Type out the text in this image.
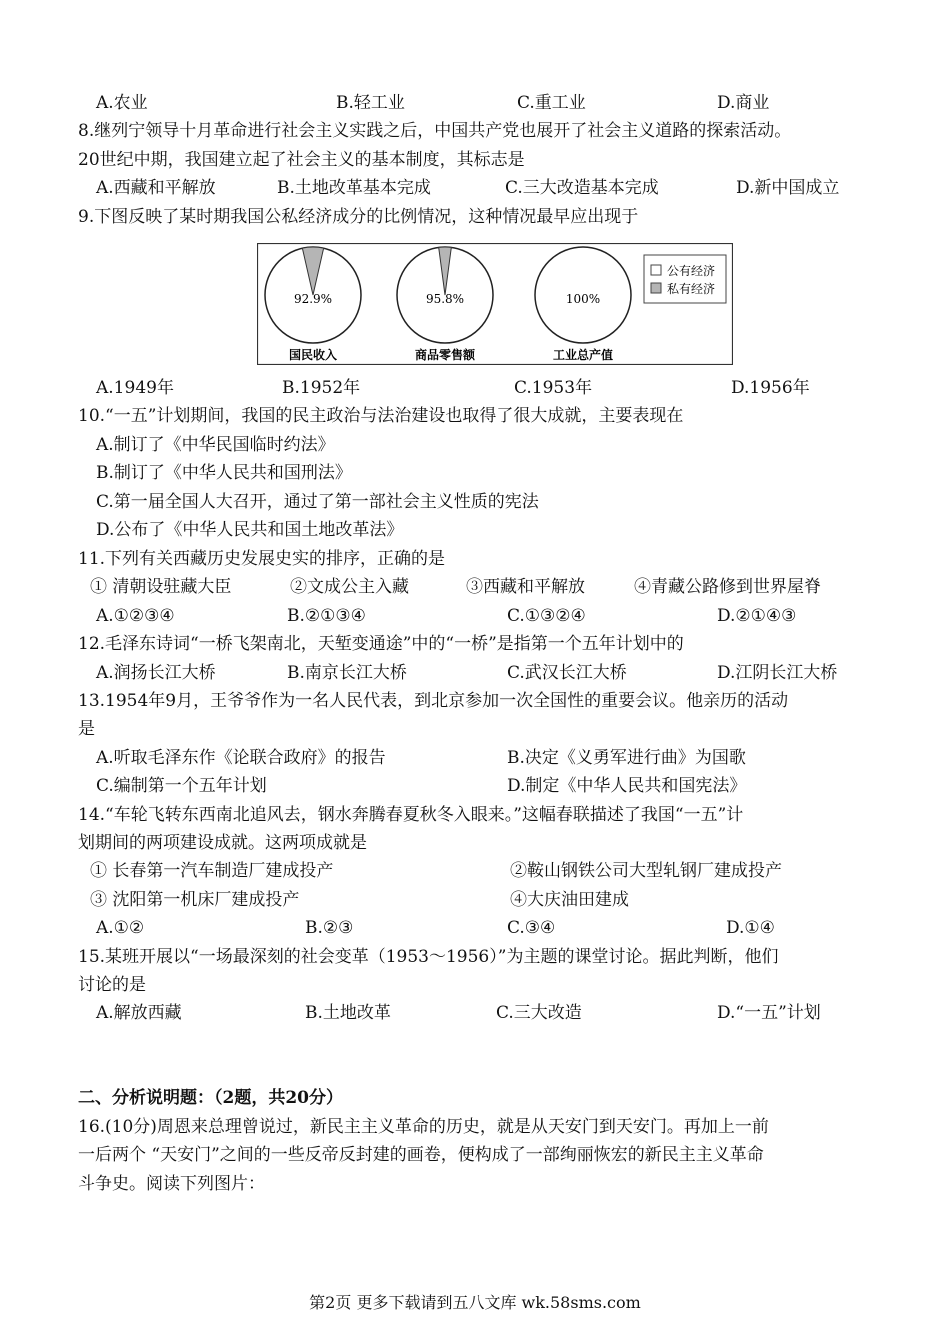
A.农业	B.轻工业	C.重工业	D.商业
8.继列宁领导十月革命进行社会主义实践之后，中国共产党也展开了社会主义道路的探索活动。
20世纪中期，我国建立起了社会主义的基本制度，其标志是
A.西藏和平解放	B.土地改革基本完成	C.三大改造基本完成	D.新中国成立
9.下图反映了某时期我国公私经济成分的比例情况，这种情况最早应出现于
92.9%
国民收入
95.8%
商品零售额
100%
工业总产值
公有经济
私有经济
A.1949年	B.1952年	C.1953年	D.1956年
10.“一五”计划期间，我国的民主政治与法治建设也取得了很大成就，主要表现在
A.制订了《中华民国临时约法》
B.制订了《中华人民共和国刑法》
C.第一届全国人大召开，通过了第一部社会主义性质的宪法
D.公布了《中华人民共和国土地改革法》
11.下列有关西藏历史发展史实的排序，正确的是
① 清朝设驻藏大臣	②文成公主入藏	③西藏和平解放	④青藏公路修到世界屋脊
A.①②③④	B.②①③④	C.①③②④	D.②①④③
12.毛泽东诗词“一桥飞架南北，天堑变通途”中的“一桥”是指第一个五年计划中的
A.润扬长江大桥	B.南京长江大桥	C.武汉长江大桥	D.江阴长江大桥
13.1954年9月，王爷爷作为一名人民代表，到北京参加一次全国性的重要会议。他亲历的活动
是
A.听取毛泽东作《论联合政府》的报告	B.决定《义勇军进行曲》为国歌
C.编制第一个五年计划	D.制定《中华人民共和国宪法》
14.“车轮飞转东西南北追风去，钢水奔腾春夏秋冬入眼来。”这幅春联描述了我国“一五”计
划期间的两项建设成就。这两项成就是
① 长春第一汽车制造厂建成投产	②鞍山钢铁公司大型轧钢厂建成投产
③ 沈阳第一机床厂建成投产	④大庆油田建成
A.①②	B.②③	C.③④	D.①④
15.某班开展以“一场最深刻的社会变革（1953～1956）”为主题的课堂讨论。据此判断，他们
讨论的是
A.解放西藏	B.土地改革	C.三大改造	D.“一五”计划
二、分析说明题：（2题，共20分）
16.(10分)周恩来总理曾说过，新民主主义革命的历史，就是从天安门到天安门。再加上一前
一后两个 “天安门”之间的一些反帝反封建的画卷，便构成了一部绚丽恢宏的新民主主义革命
斗争史。阅读下列图片：
第2页 更多下载请到五八文库 wk.58sms.com
